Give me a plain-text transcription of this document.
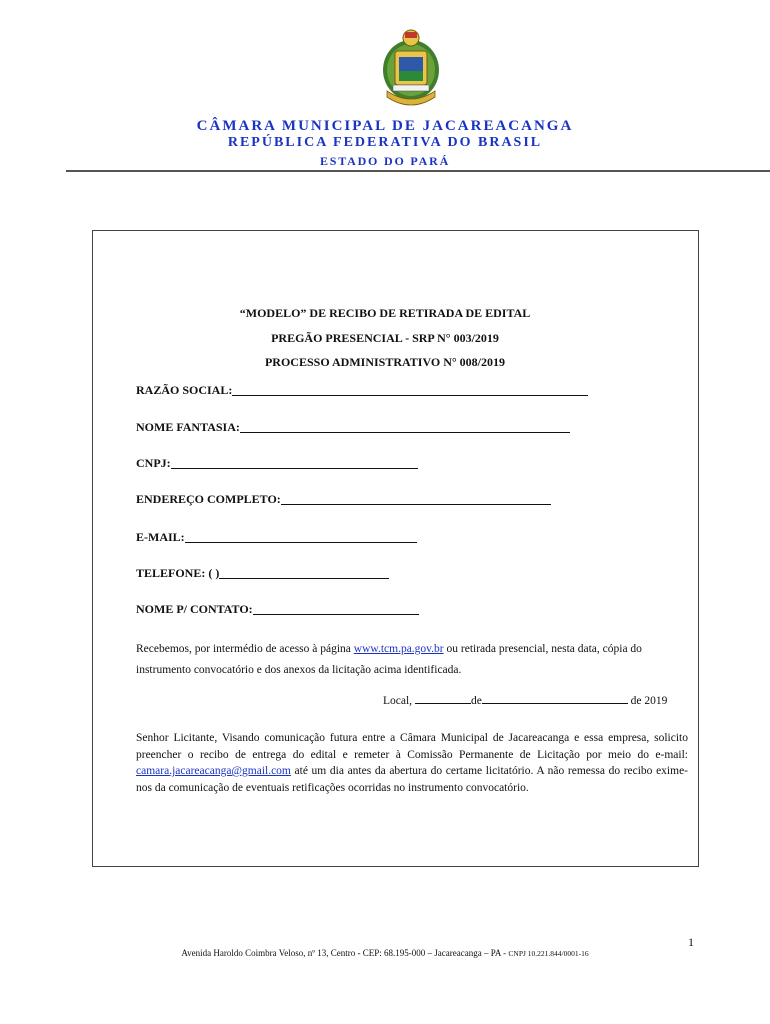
CÂMARA MUNICIPAL DE JACAREACANGA
REPÚBLICA FEDERATIVA DO BRASIL
ESTADO DO PARÁ
“MODELO” DE RECIBO DE RETIRADA DE EDITAL
PREGÃO PRESENCIAL - SRP N° 003/2019
PROCESSO ADMINISTRATIVO N° 008/2019
RAZÃO SOCIAL:
NOME FANTASIA:
CNPJ:
ENDEREÇO COMPLETO:
E-MAIL:
TELEFONE: ( )
NOME P/ CONTATO:
Recebemos, por intermédio de acesso à página www.tcm.pa.gov.br ou retirada presencial, nesta data, cópia do instrumento convocatório e dos anexos da licitação acima identificada.
Local,	de	de 2019
Senhor Licitante, Visando comunicação futura entre a Câmara Municipal de Jacareacanga e essa empresa, solicito preencher o recibo de entrega do edital e remeter à Comissão Permanente de Licitação por meio do e-mail: camara.jacareacanga@gmail.com até um dia antes da abertura do certame licitatório. A não remessa do recibo exime-nos da comunicação de eventuais retificações ocorridas no instrumento convocatório.
1
Avenida Haroldo Coimbra Veloso, nº 13, Centro - CEP: 68.195-000 – Jacareacanga – PA - CNPJ 10.221.844/0001-16
